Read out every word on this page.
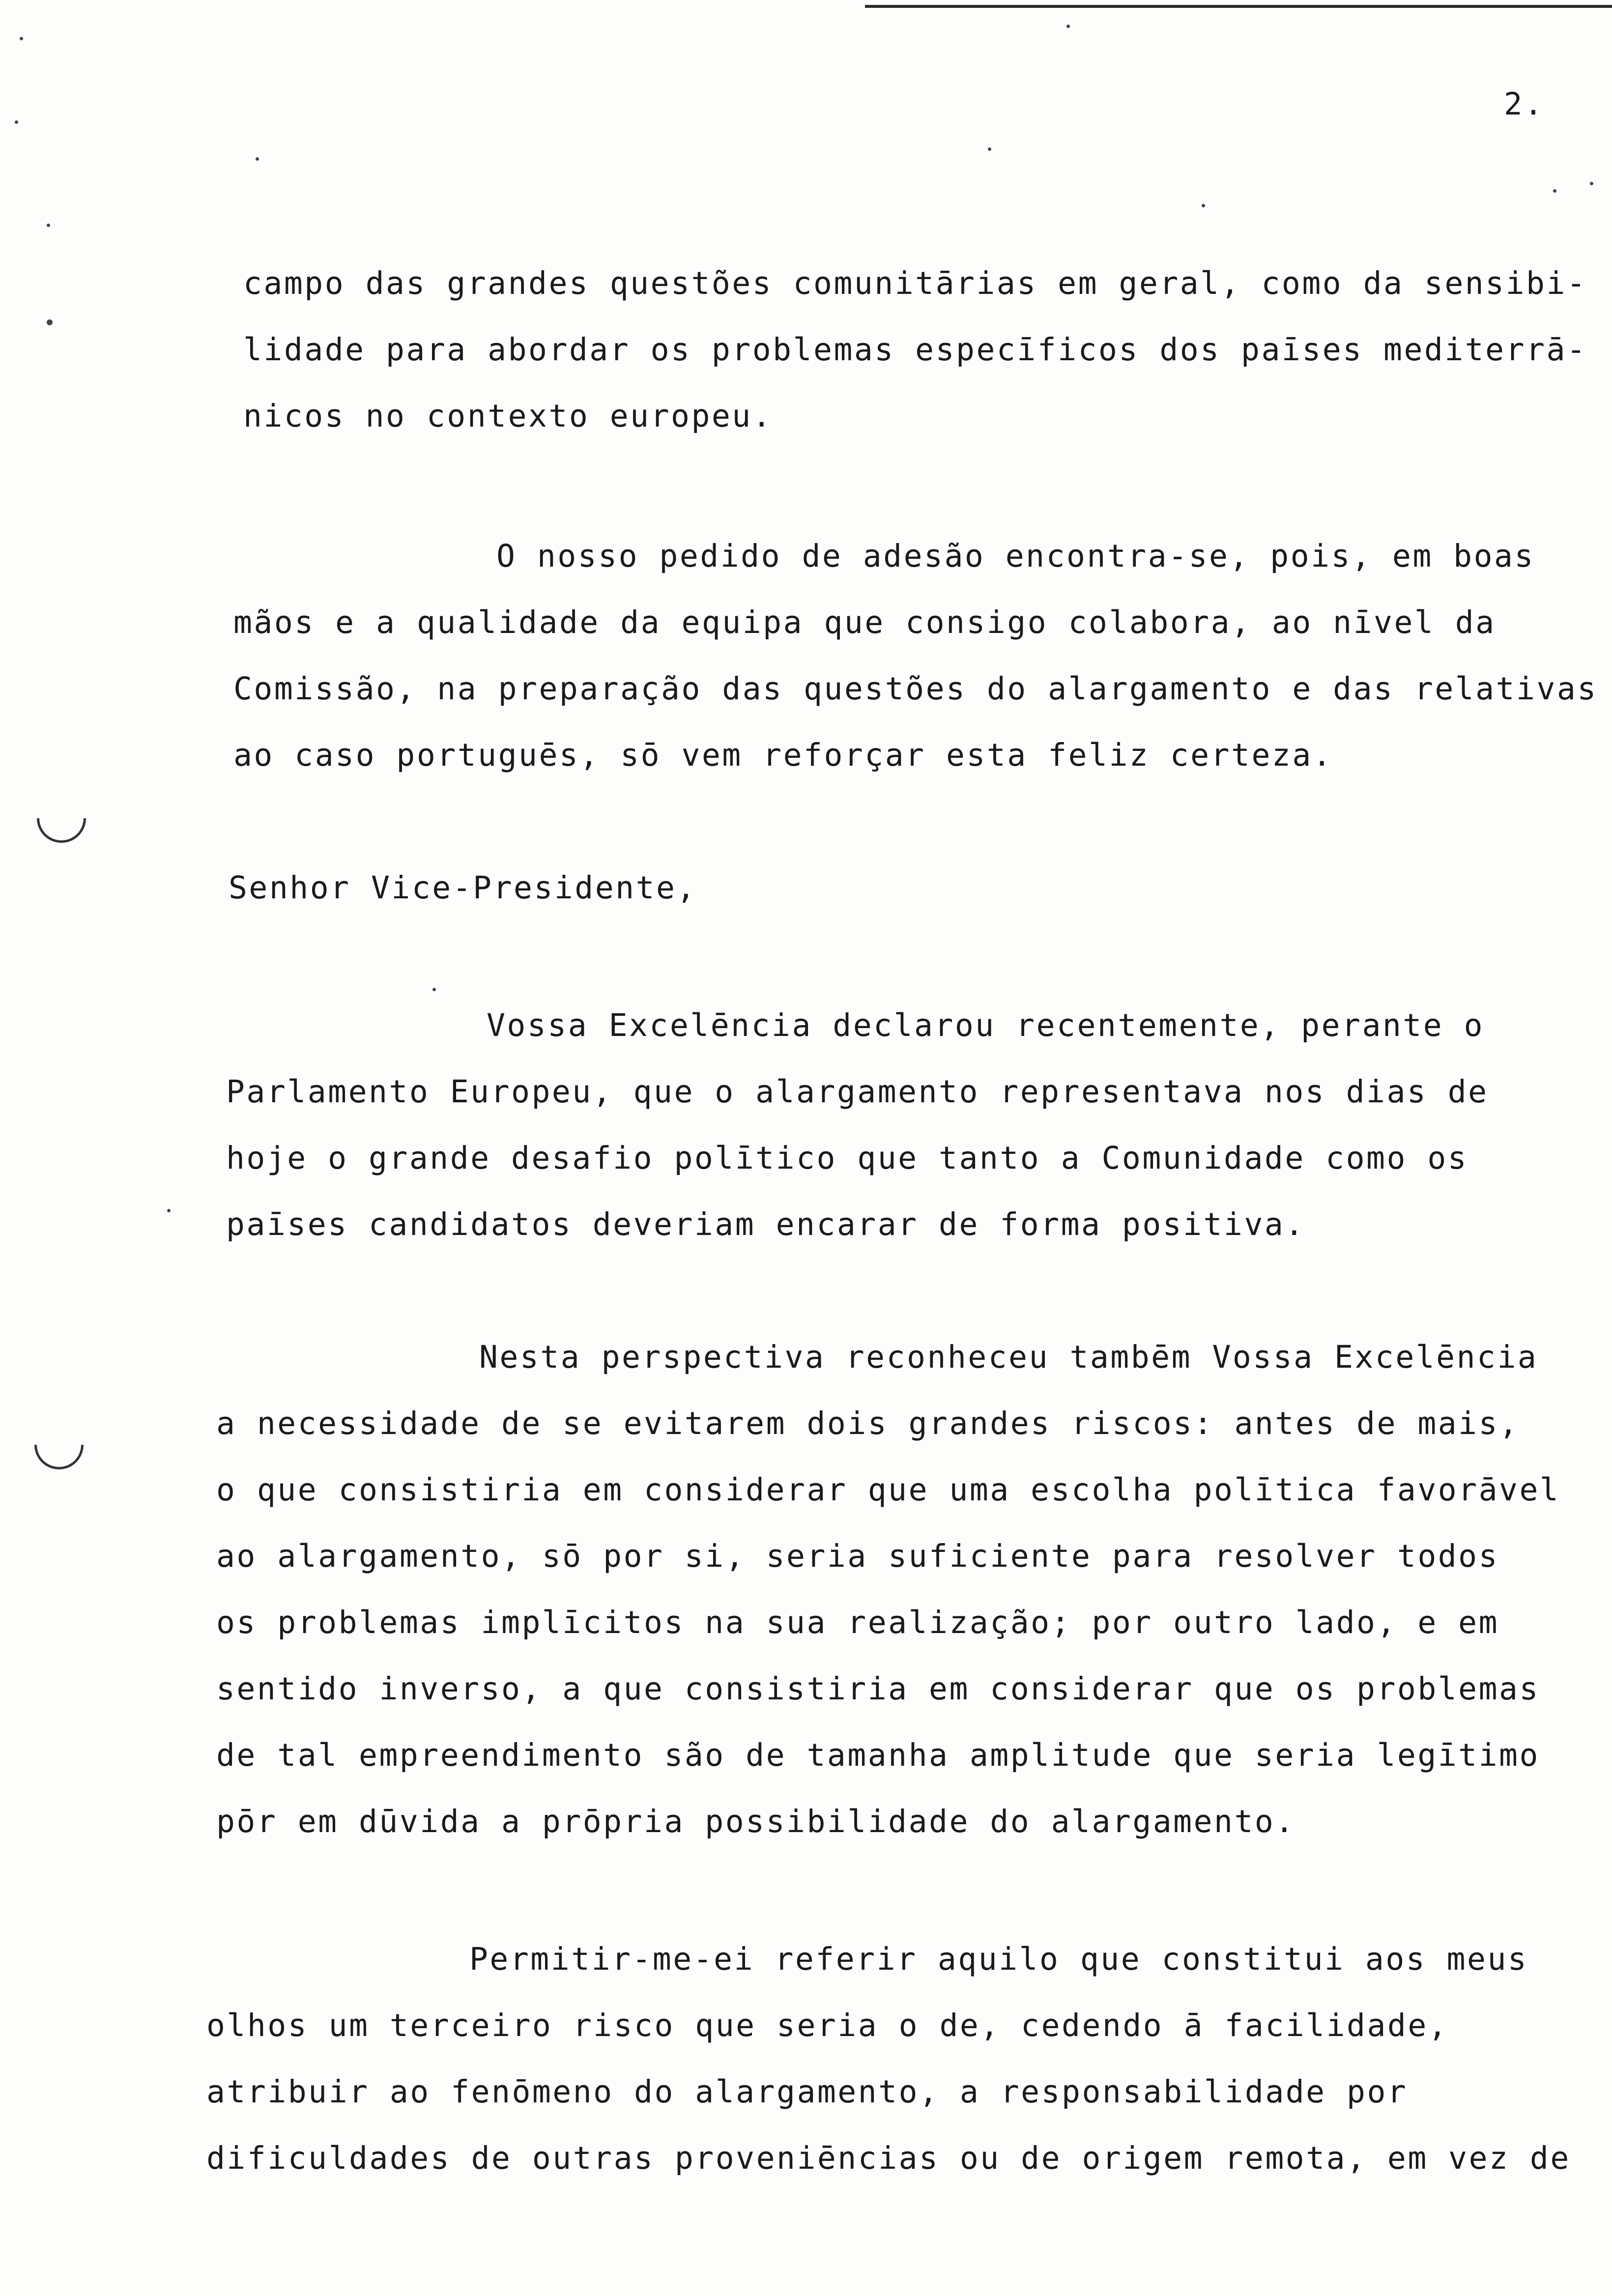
2.

campo das grandes questões comunitārias em geral, como da sensibi-

lidade para abordar os problemas especīficos dos paīses mediterrā-

nicos no contexto europeu.

O nosso pedido de adesão encontra-se, pois, em boas

mãos e a qualidade da equipa que consigo colabora, ao nīvel da

Comissão, na preparação das questões do alargamento e das relativas

ao caso portuguēs, sō vem reforçar esta feliz certeza.

Senhor Vice-Presidente,

Vossa Excelēncia declarou recentemente, perante o

Parlamento Europeu, que o alargamento representava nos dias de

hoje o grande desafio polītico que tanto a Comunidade como os

paīses candidatos deveriam encarar de forma positiva.

Nesta perspectiva reconheceu tambēm Vossa Excelēncia

a necessidade de se evitarem dois grandes riscos: antes de mais,

o que consistiria em considerar que uma escolha polītica favorāvel

ao alargamento, sō por si, seria suficiente para resolver todos

os problemas implīcitos na sua realização; por outro lado, e em

sentido inverso, a que consistiria em considerar que os problemas

de tal empreendimento são de tamanha amplitude que seria legītimo

pōr em dūvida a prōpria possibilidade do alargamento.

Permitir-me-ei referir aquilo que constitui aos meus

olhos um terceiro risco que seria o de, cedendo ā facilidade,

atribuir ao fenōmeno do alargamento, a responsabilidade por

dificuldades de outras proveniēncias ou de origem remota, em vez de
